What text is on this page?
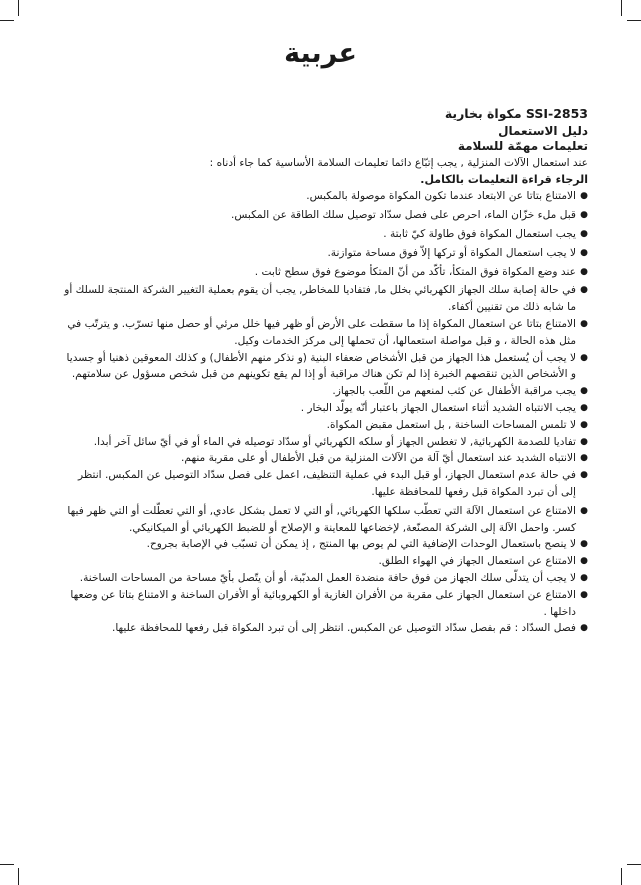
عربية
SSI-2853 مكواة بخارية
دليل الاستعمال

تعليمات مهمّة للسلامة

عند استعمال الآلات المنزلية , يجب إتبّاع دائما تعليمات السلامة الأساسية كما جاء أدناه :

الرجاء قراءة التعليمات بالكامل.

●
الامتناع بتاتا عن الابتعاد عندما تكون المكواة موصولة بالمكبس.
●
قبل ملء خزّان الماء، احرص على فصل سدّاد توصيل سلك الطاقة عن المكبس.
●
يجب استعمال المكواة فوق طاولة كيّ ثابتة .
●
لا يجب استعمال المكواة أو تركها إلاّ فوق مساحة متوازنة.
●
عند وضع المكواة فوق المتكأ، تأكّد من أنّ المتكأ موضوع فوق سطح ثابت .
●
في حالة إصابة سلك الجهاز الكهربائي بخلل ما, فتفاديا للمخاطر, يجب أن يقوم بعملية التغيير الشركة المنتجة للسلك أو ما شابه ذلك من تقنيين أكفاء.
●
الامتناع بتاتا عن استعمال المكواة إذا ما سقطت على الأرض أو ظهر فيها خلل مرئي أو حصل منها تسرّب. و يترتّب في مثل هذه الحالة ، و قبل مواصلة استعمالها، أن تحملها إلى مركز الخدمات وكيل.
●
لا يجب أن يُستعمل هذا الجهاز من قبل الأشخاص ضعفاء البنية (و نذكر منهم الأطفال) و كذلك المعوقين ذهنيا أو جسديا و الأشخاص الذين تنقصهم الخبرة إذا لم تكن هناك مراقبة أو إذا لم يقع تكوينهم من قبل شخص مسؤول عن سلامتهم.
●
يجب مراقبة الأطفال عن كثب لمنعهم من اللّعب بالجهاز.
●
يجب الانتباه الشديد أثناء استعمال الجهاز باعتبار أنّه يولّد البخار .
●
لا تلمس المساحات الساخنة , بل استعمل مقبض المكواة.
●
تفاديا للصدمة الكهربائية, لا تغطس الجهاز أو سلكه الكهربائي أو سدّاد توصيله في الماء أو في أيّ سائل آخر أبدا.
●
الانتباه الشديد عند استعمال أيّ آلة من الآلات المنزلية من قبل الأطفال أو على مقربة منهم.
●
في حالة عدم استعمال الجهاز، أو قبل البدء في عملية التنظيف، اعمل على فصل سدّاد التوصيل عن المكبس. انتظر إلى أن تبرد المكواة قبل رفعها للمحافظة عليها.
●
الامتناع عن استعمال الآلة التي تعطّب سلكها الكهربائي, أو التي لا تعمل بشكل عادي, أو التي تعطّلت أو التي ظهر فيها كسر. واحمل الآلة إلى الشركة المصنّعة, لإخضاعها للمعاينة و الإصلاح أو للضبط الكهربائي أو الميكانيكي.
●
لا ينصح باستعمال الوحدات الإضافية التي لم يوص بها المنتج , إذ يمكن أن تسبّب في الإصابة بجروح.
●
الامتناع عن استعمال الجهاز في الهواء الطلق.
●
لا يجب أن يتدلّى سلك الجهاز من فوق حافة منضدة العمل المدبّبة، أو أن يتّصل بأيّ مساحة من المساحات الساخنة.
●
الامتناع عن استعمال الجهاز على مقربة من الأفران الغازية أو الكهروبائية أو الأفران الساخنة و الامتناع بتاتا عن وضعها داخلها .
●
فصل السدّاد : قم بفصل سدّاد التوصيل عن المكبس. انتظر إلى أن تبرد المكواة قبل رفعها للمحافظة عليها.
